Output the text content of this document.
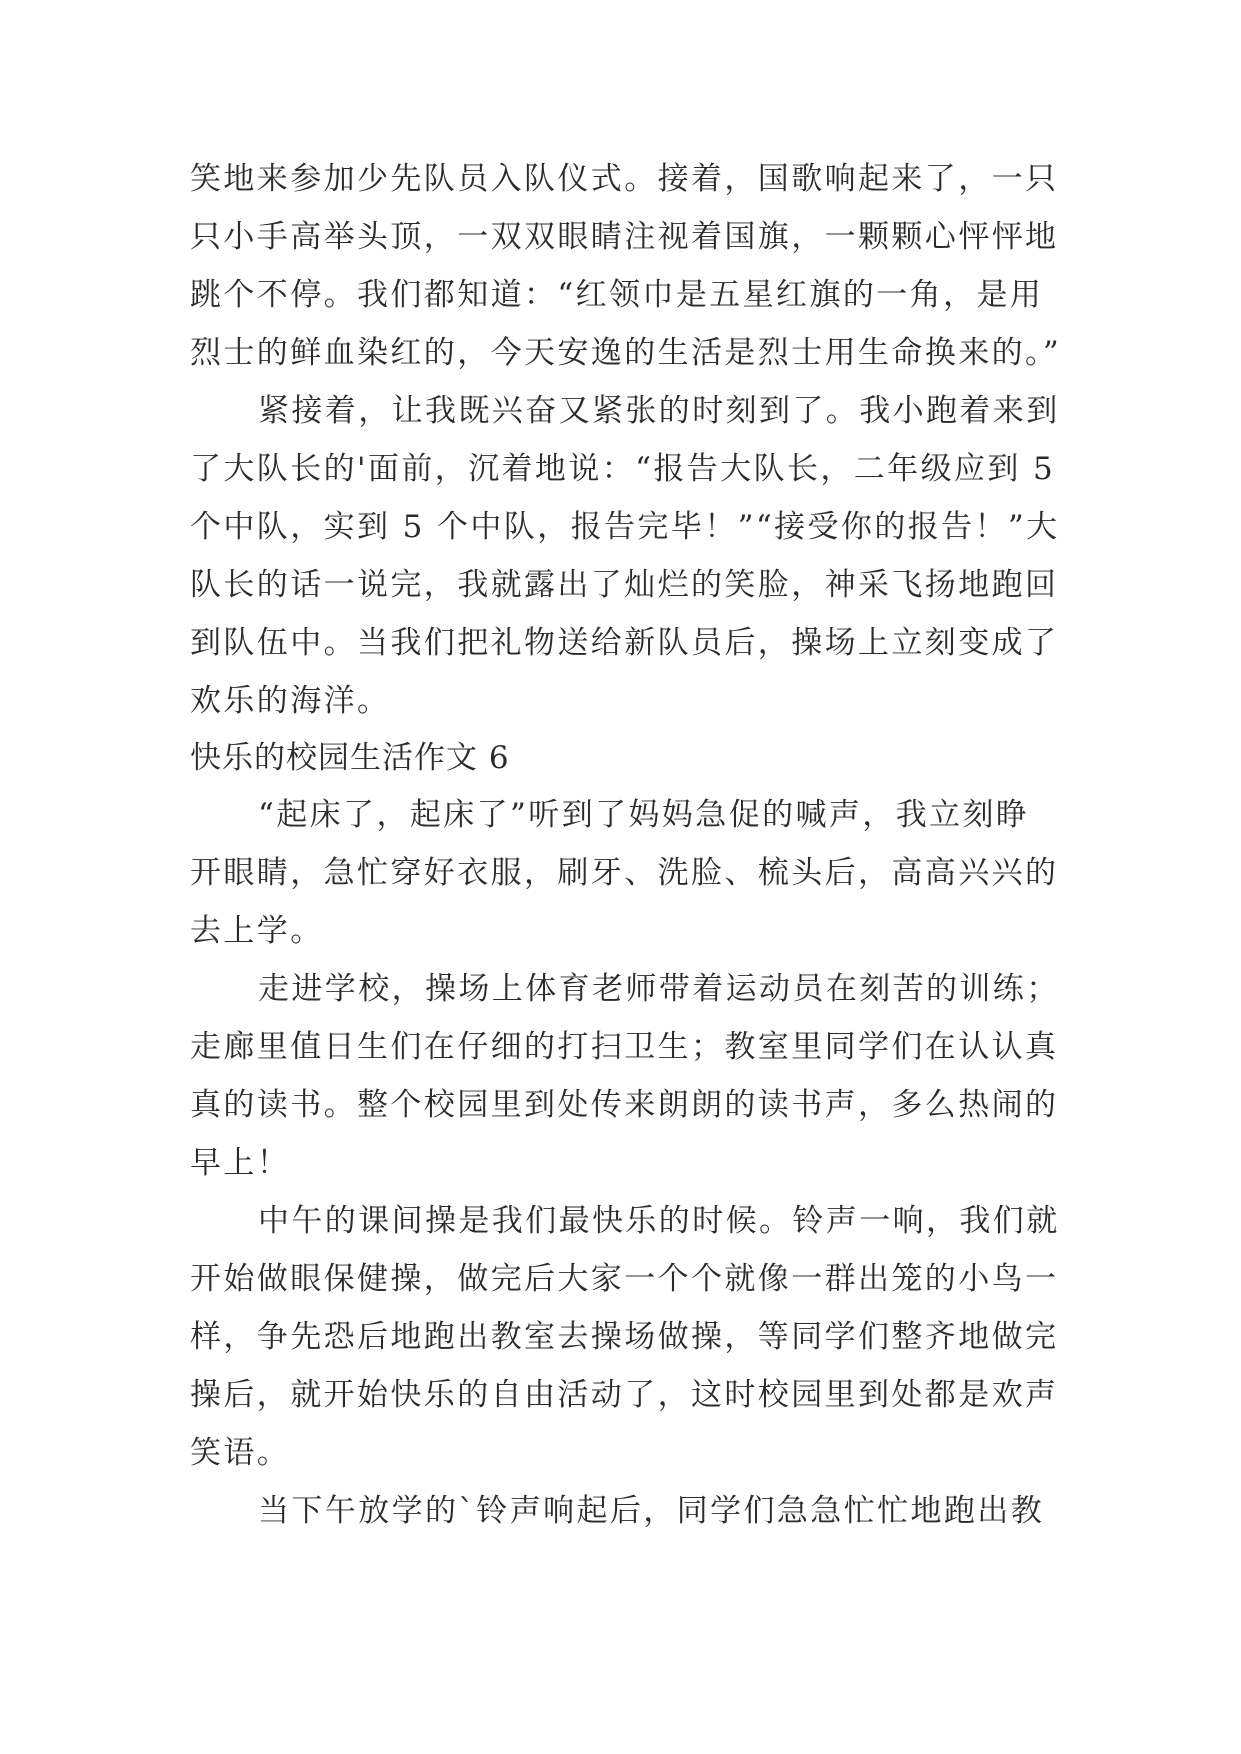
笑地来参加少先队员入队仪式。接着，国歌响起来了，一只
只小手高举头顶，一双双眼睛注视着国旗，一颗颗心怦怦地
跳个不停。我们都知道：“红领巾是五星红旗的一角，是用
烈士的鲜血染红的，今天安逸的生活是烈士用生命换来的。”
紧接着，让我既兴奋又紧张的时刻到了。我小跑着来到
了大队长的'面前，沉着地说：“报告大队长，二年级应到 5
个中队，实到 5 个中队，报告完毕！”“接受你的报告！”大
队长的话一说完，我就露出了灿烂的笑脸，神采飞扬地跑回
到队伍中。当我们把礼物送给新队员后，操场上立刻变成了
欢乐的海洋。
快乐的校园生活作文 6
“起床了，起床了”听到了妈妈急促的喊声，我立刻睁
开眼睛，急忙穿好衣服，刷牙、洗脸、梳头后，高高兴兴的
去上学。
走进学校，操场上体育老师带着运动员在刻苦的训练；
走廊里值日生们在仔细的打扫卫生；教室里同学们在认认真
真的读书。整个校园里到处传来朗朗的读书声，多么热闹的
早上！
中午的课间操是我们最快乐的时候。铃声一响，我们就
开始做眼保健操，做完后大家一个个就像一群出笼的小鸟一
样，争先恐后地跑出教室去操场做操，等同学们整齐地做完
操后，就开始快乐的自由活动了，这时校园里到处都是欢声
笑语。
当下午放学的`铃声响起后，同学们急急忙忙地跑出教
